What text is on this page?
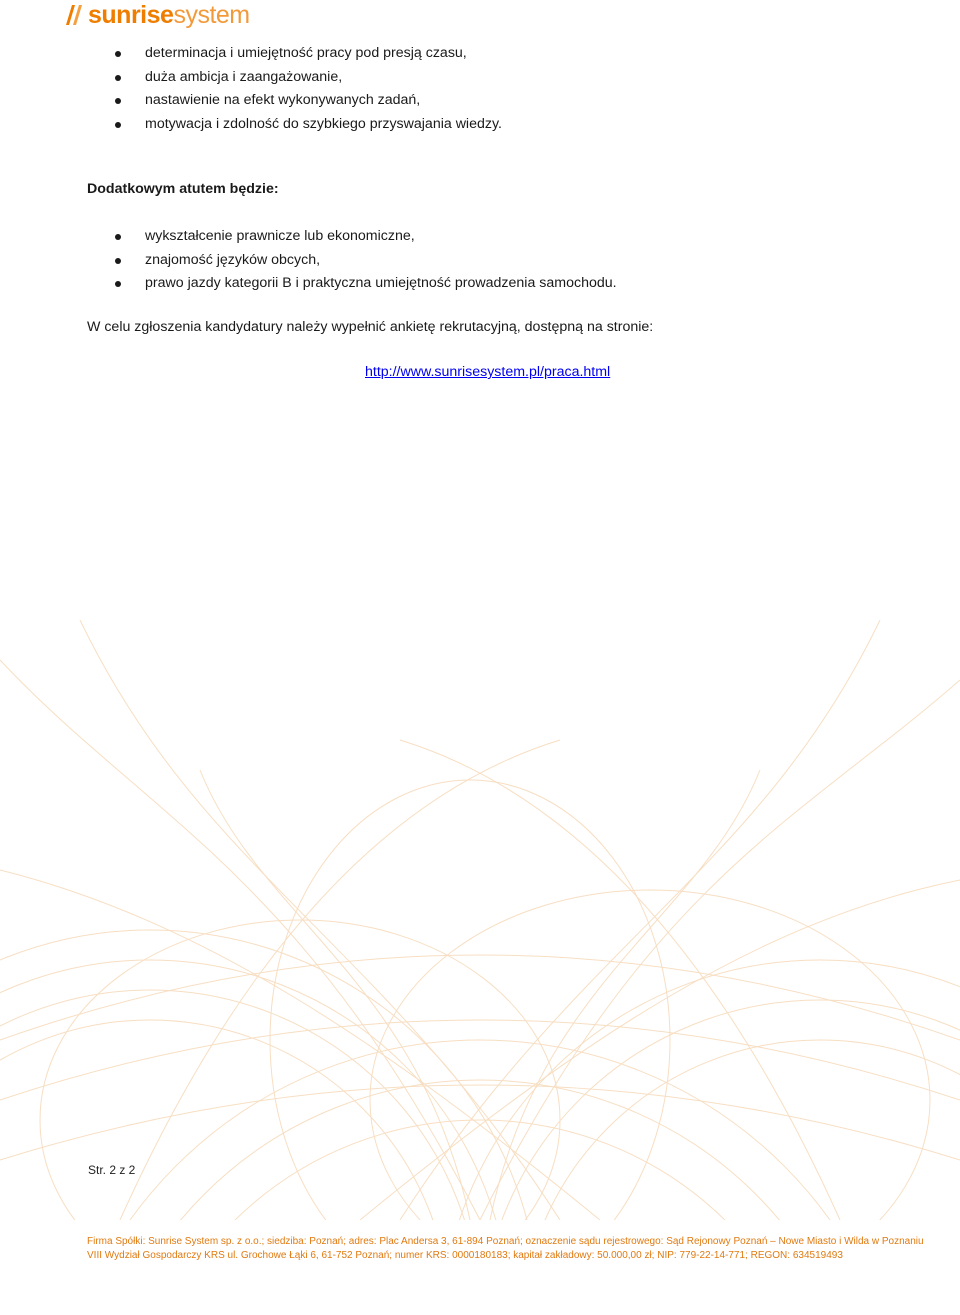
sunrisesystem
determinacja i umiejętność pracy pod presją czasu,
duża ambicja i zaangażowanie,
nastawienie na efekt wykonywanych zadań,
motywacja i zdolność do szybkiego przyswajania wiedzy.
Dodatkowym atutem będzie:
wykształcenie prawnicze lub ekonomiczne,
znajomość języków obcych,
prawo jazdy kategorii B i praktyczna umiejętność prowadzenia samochodu.
W celu zgłoszenia kandydatury należy wypełnić ankietę rekrutacyjną, dostępną na stronie:
http://www.sunrisesystem.pl/praca.html
Str. 2 z 2
Firma Spółki: Sunrise System sp. z o.o.; siedziba: Poznań; adres: Plac Andersa 3, 61-894 Poznań; oznaczenie sądu rejestrowego: Sąd Rejonowy Poznań – Nowe Miasto i Wilda w Poznaniu
VIII Wydział Gospodarczy KRS ul. Grochowe Łąki 6, 61-752 Poznań; numer KRS: 0000180183; kapitał zakładowy: 50.000,00 zł; NIP: 779-22-14-771; REGON: 634519493
